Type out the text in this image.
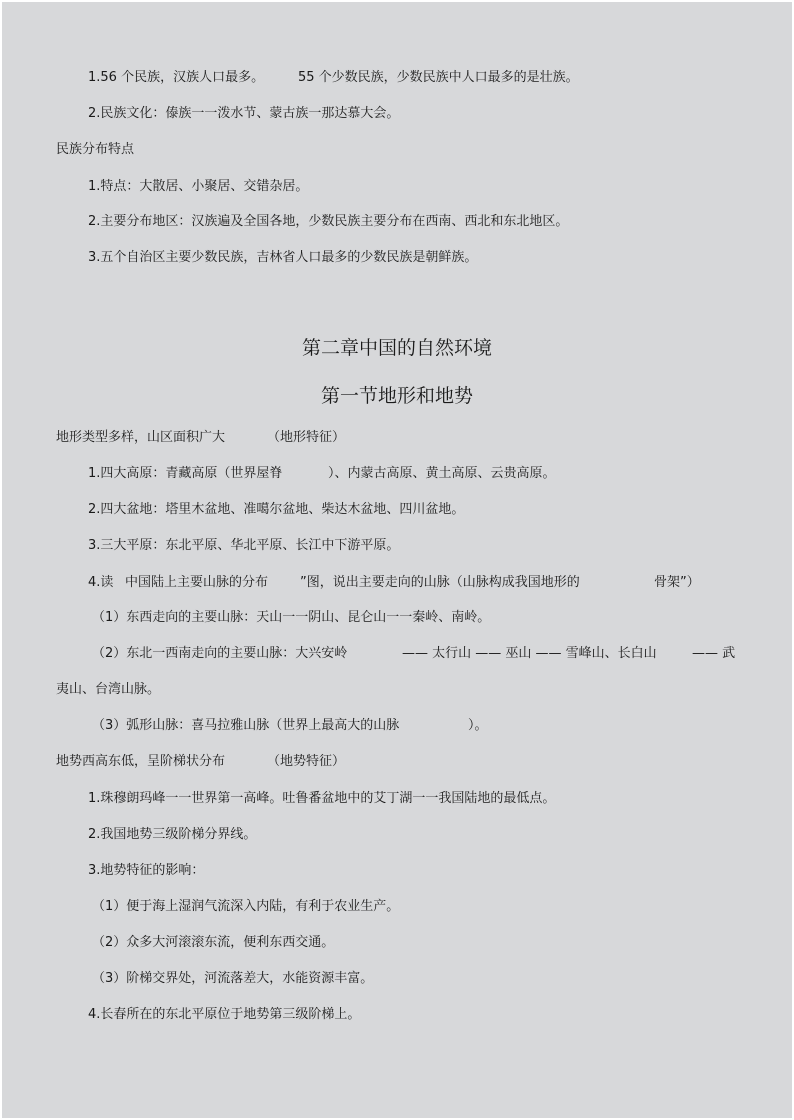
1.56 个民族，汉族人口最多。	55 个少数民族，少数民族中人口最多的是壮族。
2.民族文化：傣族一一泼水节、蒙古族一那达慕大会。
民族分布特点
1.特点：大散居、小聚居、交错杂居。
2.主要分布地区：汉族遍及全国各地，少数民族主要分布在西南、西北和东北地区。
3.五个自治区主要少数民族，吉林省人口最多的少数民族是朝鲜族。
第二章中国的自然环境
第一节地形和地势
地形类型多样，山区面积广大	（地形特征）
1.四大高原：青藏高原（世界屋脊	）、内蒙古高原、黄土高原、云贵高原。
2.四大盆地：塔里木盆地、准噶尔盆地、柴达木盆地、四川盆地。
3.三大平原：东北平原、华北平原、长江中下游平原。
4.读 中国陆上主要山脉的分布 ”图，说出主要走向的山脉（山脉构成我国地形的	骨架”）
（1）东西走向的主要山脉：天山一一阴山、昆仑山一一秦岭、南岭。
（2）东北一西南走向的主要山脉：大兴安岭	—— 太行山 —— 巫山 —— 雪峰山、长白山	—— 武
夷山、台湾山脉。
（3）弧形山脉：喜马拉雅山脉（世界上最高大的山脉	）。
地势西高东低，呈阶梯状分布	（地势特征）
1.珠穆朗玛峰一一世界第一高峰。吐鲁番盆地中的艾丁湖一一我国陆地的最低点。
2.我国地势三级阶梯分界线。
3.地势特征的影响：
（1）便于海上湿润气流深入内陆，有利于农业生产。
（2）众多大河滚滚东流，便利东西交通。
（3）阶梯交界处，河流落差大，水能资源丰富。
4.长春所在的东北平原位于地势第三级阶梯上。
